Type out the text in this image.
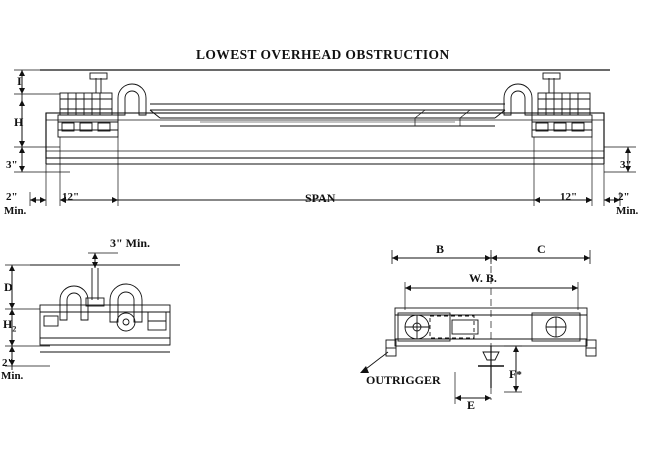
LOWEST OVERHEAD OBSTRUCTION
I
H
3"	3"
2"
Min.
2"
Min.
12"	12"
SPAN
3" Min.
D
$H_2$
2"
Min.
B	C
W. B.
OUTRIGGER
E
F*
